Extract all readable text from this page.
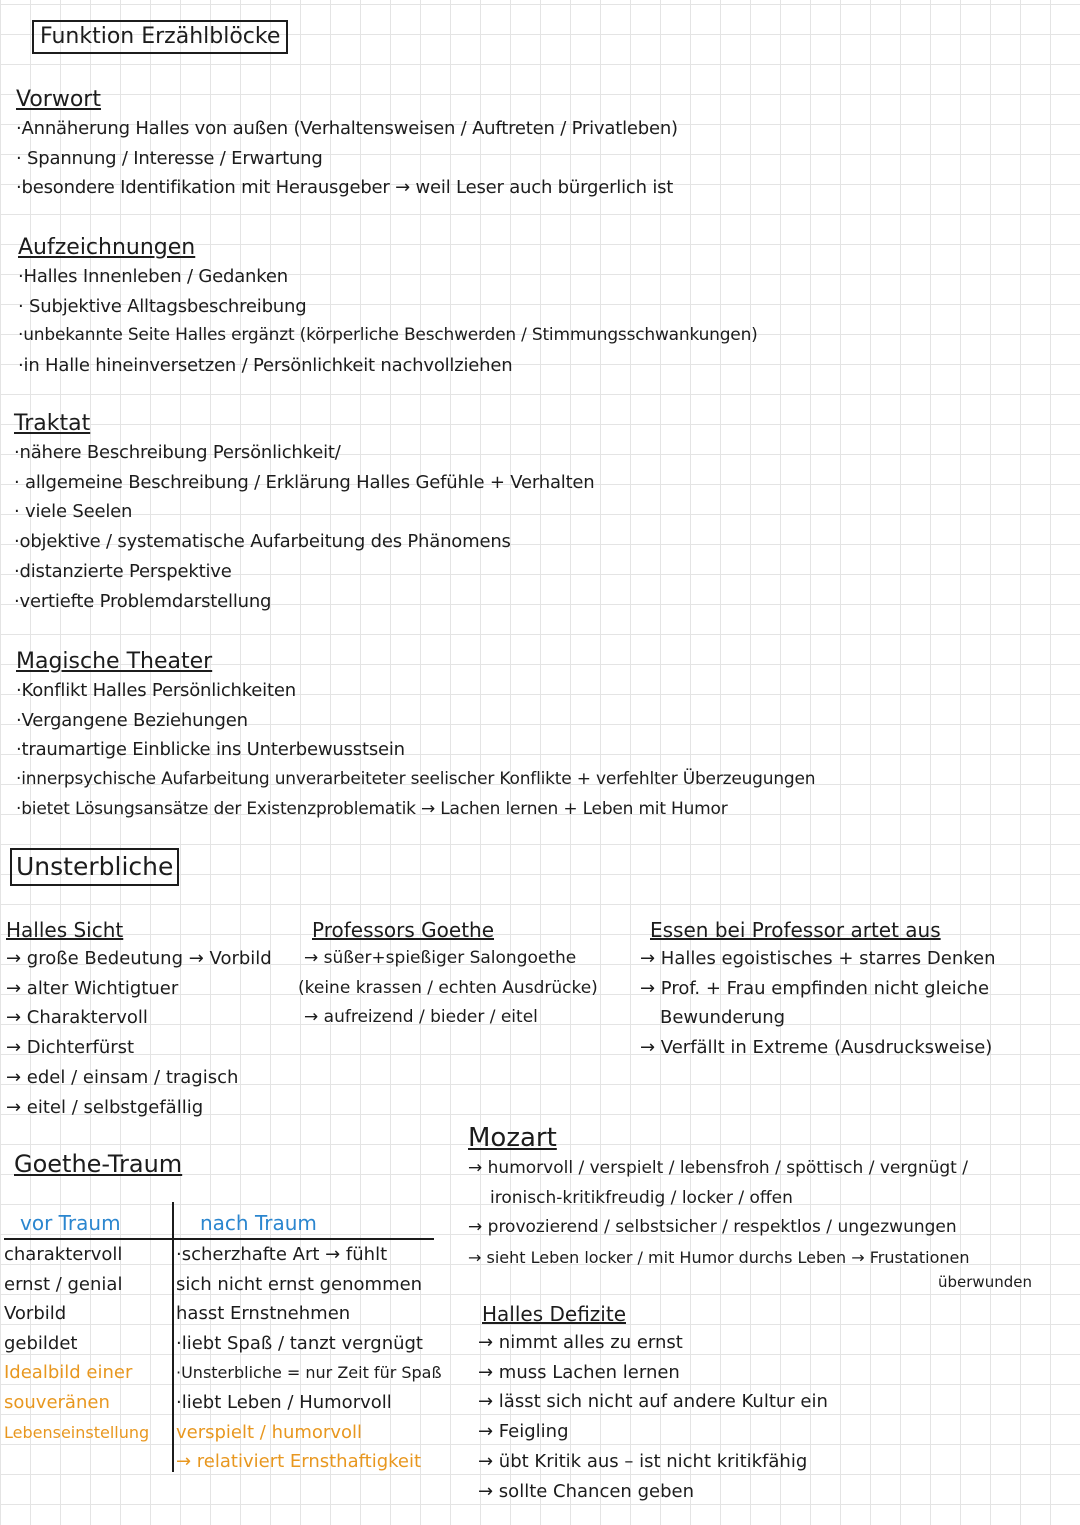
Funktion Erzählblöcke
Vorwort
·Annäherung Halles von außen (Verhaltensweisen / Auftreten / Privatleben)
· Spannung / Interesse / Erwartung
·besondere Identifikation mit Herausgeber → weil Leser auch bürgerlich ist
Aufzeichnungen
·Halles Innenleben / Gedanken
· Subjektive Alltagsbeschreibung
·unbekannte Seite Halles ergänzt (körperliche Beschwerden / Stimmungsschwankungen)
·in Halle hineinversetzen / Persönlichkeit nachvollziehen
Traktat
·nähere Beschreibung Persönlichkeit/
· allgemeine Beschreibung / Erklärung Halles Gefühle + Verhalten
· viele Seelen
·objektive / systematische Aufarbeitung des Phänomens
·distanzierte Perspektive
·vertiefte Problemdarstellung
Magische Theater
·Konflikt Halles Persönlichkeiten
·Vergangene Beziehungen
·traumartige Einblicke ins Unterbewusstsein
·innerpsychische Aufarbeitung unverarbeiteter seelischer Konflikte + verfehlter Überzeugungen
·bietet Lösungsansätze der Existenzproblematik → Lachen lernen + Leben mit Humor
Unsterbliche
Halles Sicht
→ große Bedeutung → Vorbild
→ alter Wichtigtuer
→ Charaktervoll
→ Dichterfürst
→ edel / einsam / tragisch
→ eitel / selbstgefällig
Professors Goethe
→ süßer+spießiger Salongoethe
(keine krassen / echten Ausdrücke)
→ aufreizend / bieder / eitel
Essen bei Professor artet aus
→ Halles egoistisches + starres Denken
→ Prof. + Frau empfinden nicht gleiche
Bewunderung
→ Verfällt in Extreme (Ausdrucksweise)
Goethe-Traum
vor Traum	nach Traum
charaktervoll
ernst / genial
Vorbild
gebildet
Idealbild einer
souveränen
Lebenseinstellung
·scherzhafte Art → fühlt
sich nicht ernst genommen
hasst Ernstnehmen
·liebt Spaß / tanzt vergnügt
·Unsterbliche = nur Zeit für Spaß
·liebt Leben / Humorvoll
verspielt / humorvoll
→ relativiert Ernsthaftigkeit
Mozart
→ humorvoll / verspielt / lebensfroh / spöttisch / vergnügt /
ironisch-kritikfreudig / locker / offen
→ provozierend / selbstsicher / respektlos / ungezwungen
→ sieht Leben locker / mit Humor durchs Leben → Frustationen
überwunden
Halles Defizite
→ nimmt alles zu ernst
→ muss Lachen lernen
→ lässt sich nicht auf andere Kultur ein
→ Feigling
→ übt Kritik aus – ist nicht kritikfähig
→ sollte Chancen geben
